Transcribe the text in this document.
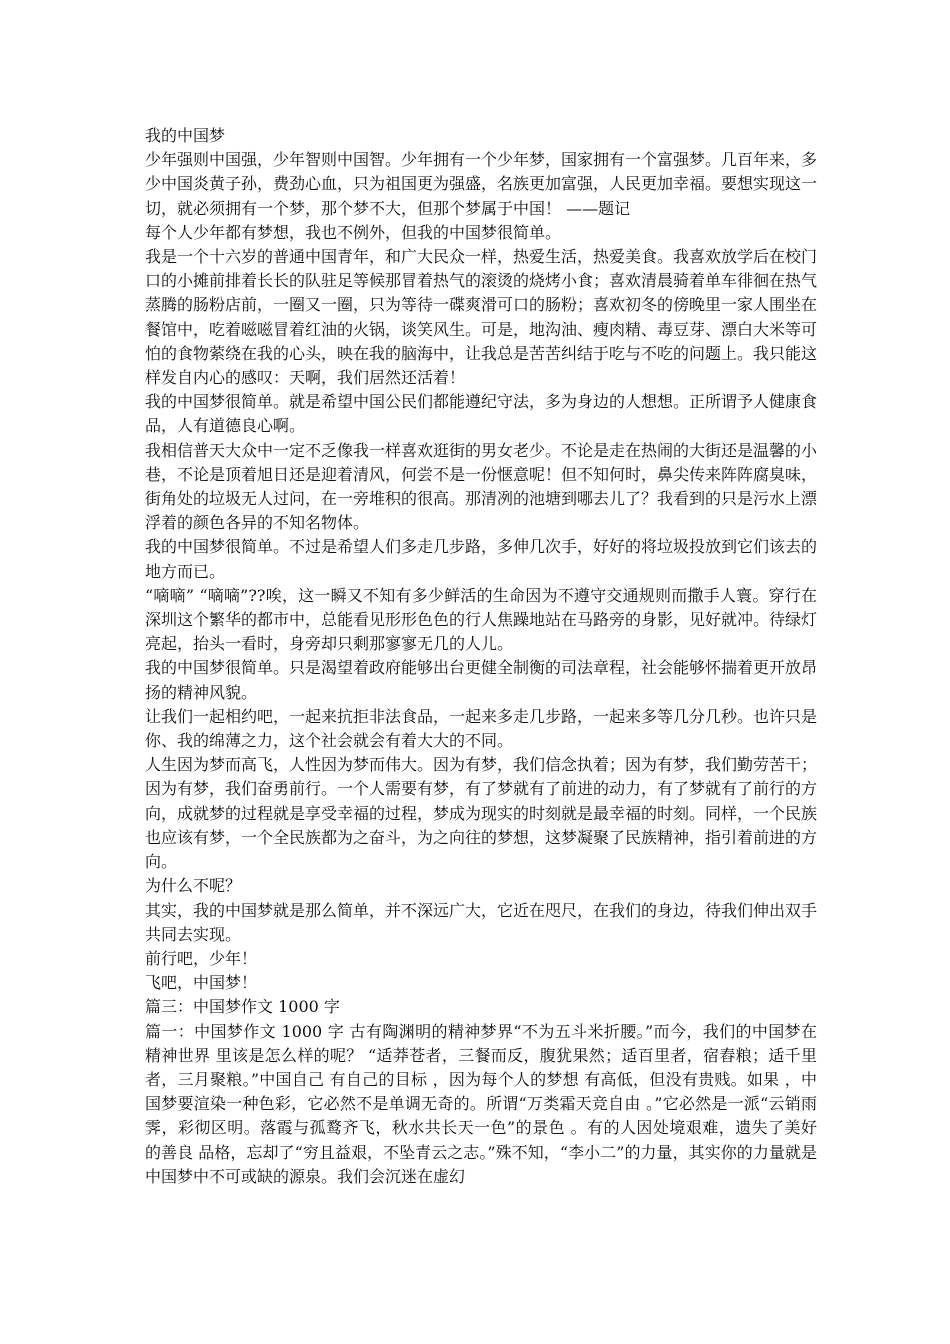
我的中国梦

少年强则中国强，少年智则中国智。少年拥有一个少年梦，国家拥有一个富强梦。几百年来，多少中国炎黄子孙，费劲心血，只为祖国更为强盛，名族更加富强，人民更加幸福。要想实现这一切，就必须拥有一个梦，那个梦不大，但那个梦属于中国！ ——题记

每个人少年都有梦想，我也不例外，但我的中国梦很简单。

我是一个十六岁的普通中国青年，和广大民众一样，热爱生活，热爱美食。我喜欢放学后在校门口的小摊前排着长长的队驻足等候那冒着热气的滚烫的烧烤小食；喜欢清晨骑着单车徘徊在热气蒸腾的肠粉店前，一圈又一圈，只为等待一碟爽滑可口的肠粉；喜欢初冬的傍晚里一家人围坐在餐馆中，吃着嗞嗞冒着红油的火锅，谈笑风生。可是，地沟油、瘦肉精、毒豆芽、漂白大米等可怕的食物萦绕在我的心头，映在我的脑海中，让我总是苦苦纠结于吃与不吃的问题上。我只能这样发自内心的感叹：天啊，我们居然还活着！

我的中国梦很简单。就是希望中国公民们都能遵纪守法，多为身边的人想想。正所谓予人健康食品，人有道德良心啊。

我相信普天大众中一定不乏像我一样喜欢逛街的男女老少。不论是走在热闹的大街还是温馨的小巷，不论是顶着旭日还是迎着清风，何尝不是一份惬意呢！但不知何时，鼻尖传来阵阵腐臭味，街角处的垃圾无人过问，在一旁堆积的很高。那清冽的池塘到哪去儿了？我看到的只是污水上漂浮着的颜色各异的不知名物体。

我的中国梦很简单。不过是希望人们多走几步路，多伸几次手，好好的将垃圾投放到它们该去的地方而已。

“嘀嘀” “嘀嘀”??唉，这一瞬又不知有多少鲜活的生命因为不遵守交通规则而撒手人寰。穿行在深圳这个繁华的都市中，总能看见形形色色的行人焦躁地站在马路旁的身影，见好就冲。待绿灯亮起，抬头一看时，身旁却只剩那寥寥无几的人儿。

我的中国梦很简单。只是渴望着政府能够出台更健全制衡的司法章程，社会能够怀揣着更开放昂扬的精神风貌。

让我们一起相约吧，一起来抗拒非法食品，一起来多走几步路，一起来多等几分几秒。也许只是你、我的绵薄之力，这个社会就会有着大大的不同。

人生因为梦而高飞，人性因为梦而伟大。因为有梦，我们信念执着；因为有梦，我们勤劳苦干；因为有梦，我们奋勇前行。一个人需要有梦，有了梦就有了前进的动力，有了梦就有了前行的方向，成就梦的过程就是享受幸福的过程，梦成为现实的时刻就是最幸福的时刻。同样，一个民族也应该有梦，一个全民族都为之奋斗，为之向往的梦想，这梦凝聚了民族精神，指引着前进的方向。

为什么不呢？

其实，我的中国梦就是那么简单，并不深远广大，它近在咫尺，在我们的身边，待我们伸出双手共同去实现。

前行吧，少年！

飞吧，中国梦！

篇三：中国梦作文 1000 字

篇一：中国梦作文 1000 字 古有陶渊明的精神梦界“不为五斗米折腰。”而今，我们的中国梦在精神世界 里该是怎么样的呢？ “适莽苍者，三餐而反，腹犹果然；适百里者，宿舂粮；适千里 者，三月聚粮。”中国自己 有自己的目标 ，因为每个人的梦想 有高低，但没有贵贱。如果 ，中国梦要渲染一种色彩，它必然不是单调无奇的。所谓“万类霜天竞自由 。”它必然是一派“云销雨霁，彩彻区明。落霞与孤鹜齐飞，秋水共长天一色”的景色 。有的人因处境艰难，遗失了美好 的善良 品格，忘却了“穷且益艰，不坠青云之志。”殊不知，“李小二”的力量，其实你的力量就是中国梦中不可或缺的源泉。我们会沉迷在虚幻
